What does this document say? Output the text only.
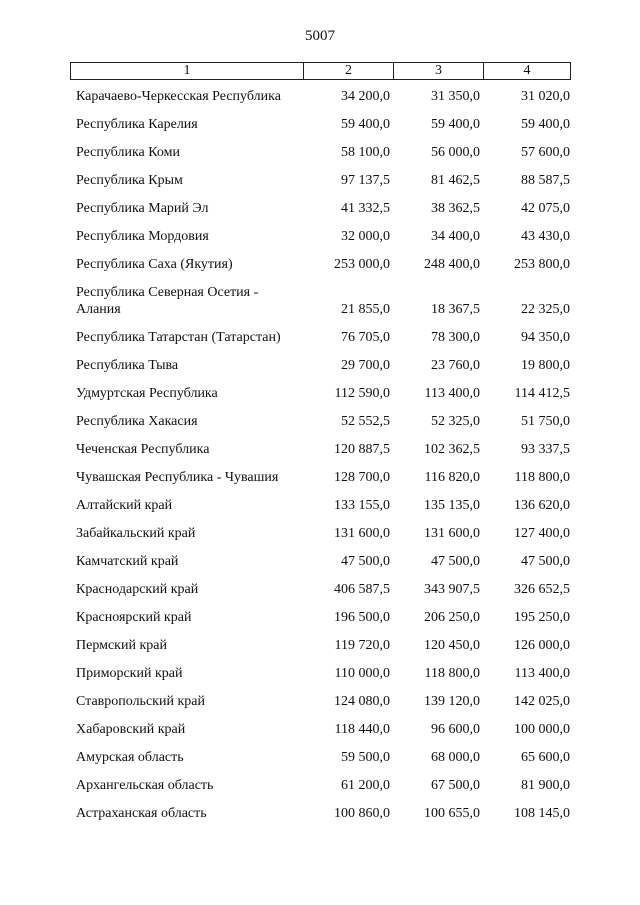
5007
1	2	3	4
Карачаево-Черкесская Республика	34 200,0	31 350,0	31 020,0
Республика Карелия	59 400,0	59 400,0	59 400,0
Республика Коми	58 100,0	56 000,0	57 600,0
Республика Крым	97 137,5	81 462,5	88 587,5
Республика Марий Эл	41 332,5	38 362,5	42 075,0
Республика Мордовия	32 000,0	34 400,0	43 430,0
Республика Саха (Якутия)	253 000,0 248 400,0 253 800,0
Республика Северная Осетия -
Алания	21 855,0	18 367,5	22 325,0
Республика Татарстан (Татарстан)	76 705,0	78 300,0	94 350,0
Республика Тыва	29 700,0	23 760,0	19 800,0
Удмуртская Республика	112 590,0 113 400,0 114 412,5
Республика Хакасия	52 552,5	52 325,0	51 750,0
Чеченская Республика	120 887,5 102 362,5	93 337,5
Чувашская Республика - Чувашия	128 700,0 116 820,0 118 800,0
Алтайский край	133 155,0 135 135,0 136 620,0
Забайкальский край	131 600,0 131 600,0 127 400,0
Камчатский край	47 500,0	47 500,0	47 500,0
Краснодарский край	406 587,5 343 907,5 326 652,5
Красноярский край	196 500,0 206 250,0 195 250,0
Пермский край	119 720,0 120 450,0 126 000,0
Приморский край	110 000,0 118 800,0 113 400,0
Ставропольский край	124 080,0 139 120,0 142 025,0
Хабаровский край	118 440,0	96 600,0 100 000,0
Амурская область	59 500,0	68 000,0	65 600,0
Архангельская область	61 200,0	67 500,0	81 900,0
Астраханская область	100 860,0 100 655,0 108 145,0
